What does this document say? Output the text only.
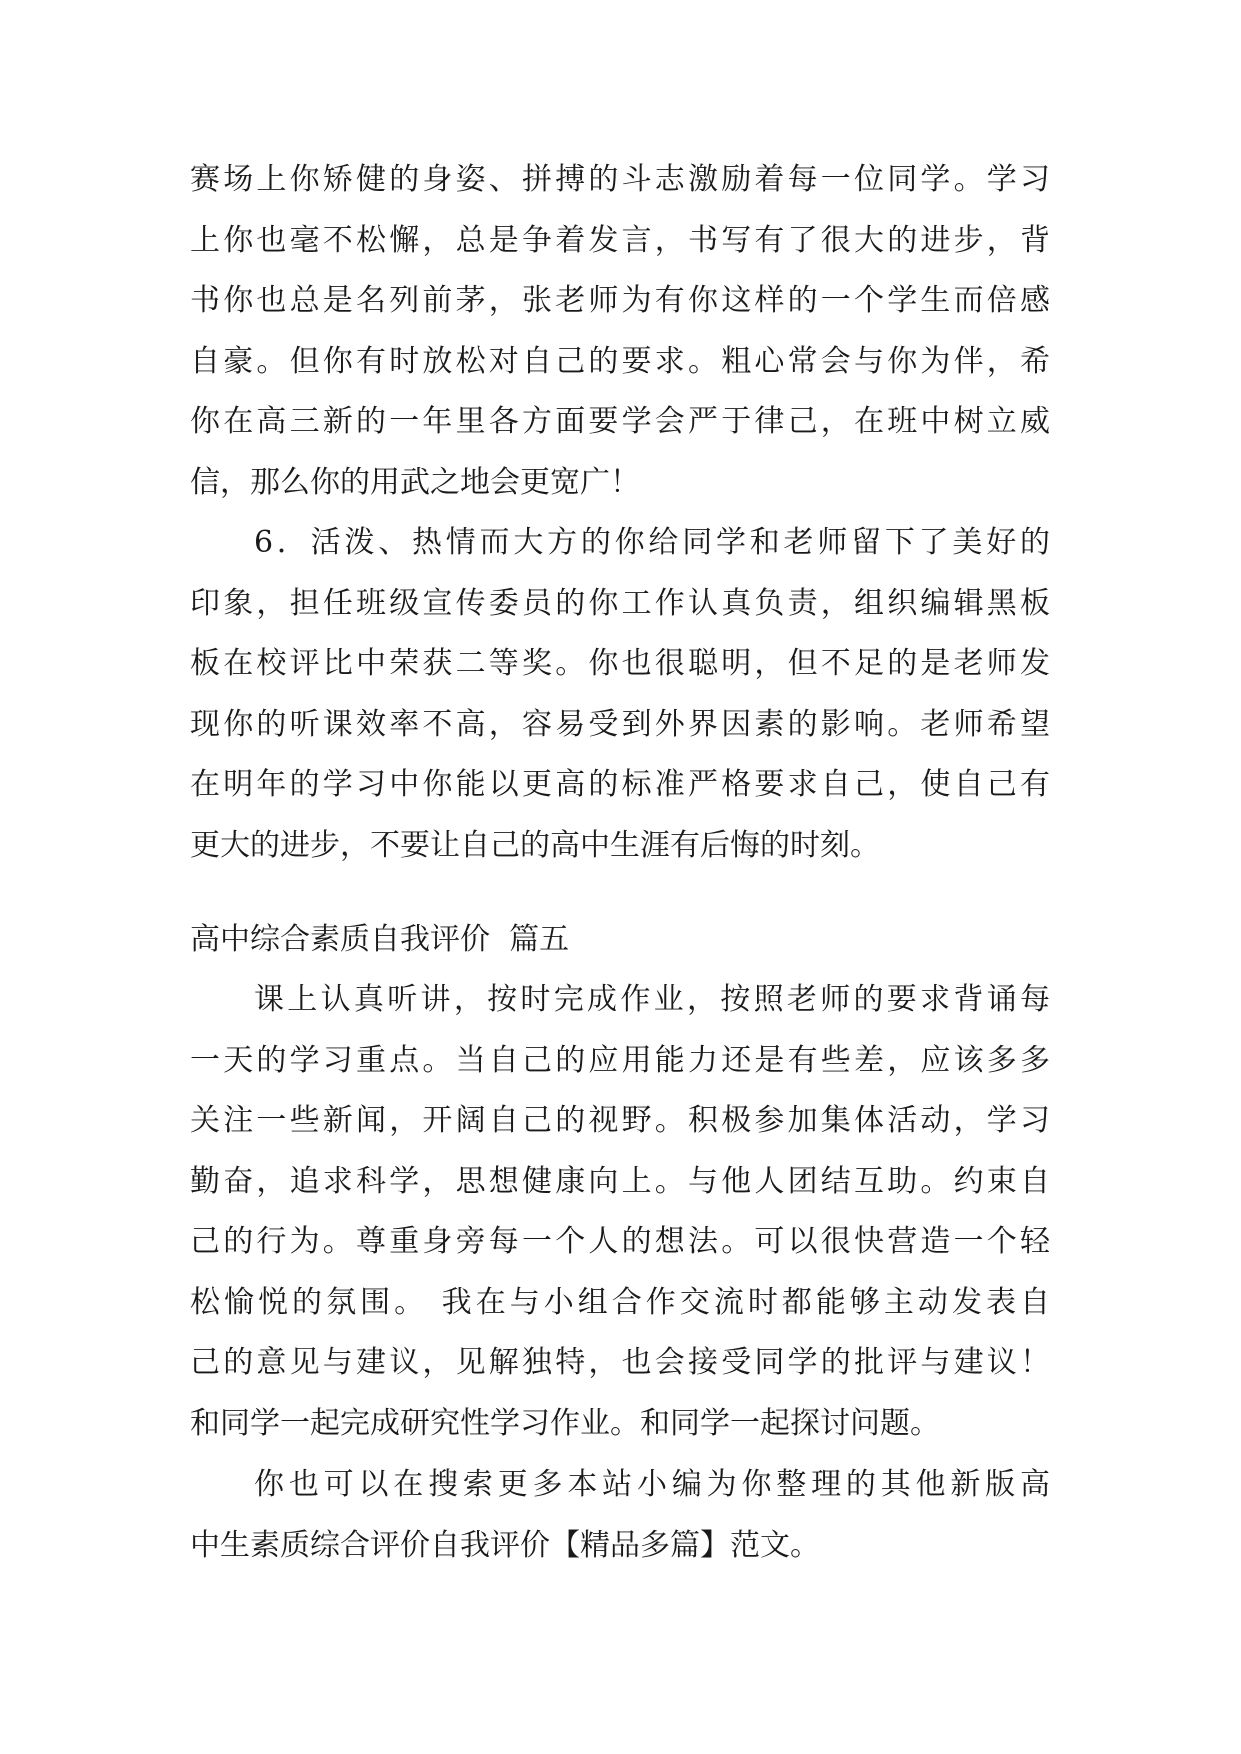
赛场上你矫健的身姿、拼搏的斗志激励着每一位同学。学习
上你也毫不松懈，总是争着发言，书写有了很大的进步，背
书你也总是名列前茅，张老师为有你这样的一个学生而倍感
自豪。但你有时放松对自己的要求。粗心常会与你为伴，希
你在高三新的一年里各方面要学会严于律己，在班中树立威
信，那么你的用武之地会更宽广！
6．活泼、热情而大方的你给同学和老师留下了美好的
印象，担任班级宣传委员的你工作认真负责，组织编辑黑板
板在校评比中荣获二等奖。你也很聪明，但不足的是老师发
现你的听课效率不高，容易受到外界因素的影响。老师希望
在明年的学习中你能以更高的标准严格要求自己，使自己有
更大的进步，不要让自己的高中生涯有后悔的时刻。
高中综合素质自我评价  篇五
课上认真听讲，按时完成作业，按照老师的要求背诵每
一天的学习重点。当自己的应用能力还是有些差，应该多多
关注一些新闻，开阔自己的视野。积极参加集体活动，学习
勤奋，追求科学，思想健康向上。与他人团结互助。约束自
己的行为。尊重身旁每一个人的想法。可以很快营造一个轻
松愉悦的氛围。 我在与小组合作交流时都能够主动发表自
己的意见与建议，见解独特，也会接受同学的批评与建议！
和同学一起完成研究性学习作业。和同学一起探讨问题。
你也可以在搜索更多本站小编为你整理的其他新版高
中生素质综合评价自我评价【精品多篇】范文。
